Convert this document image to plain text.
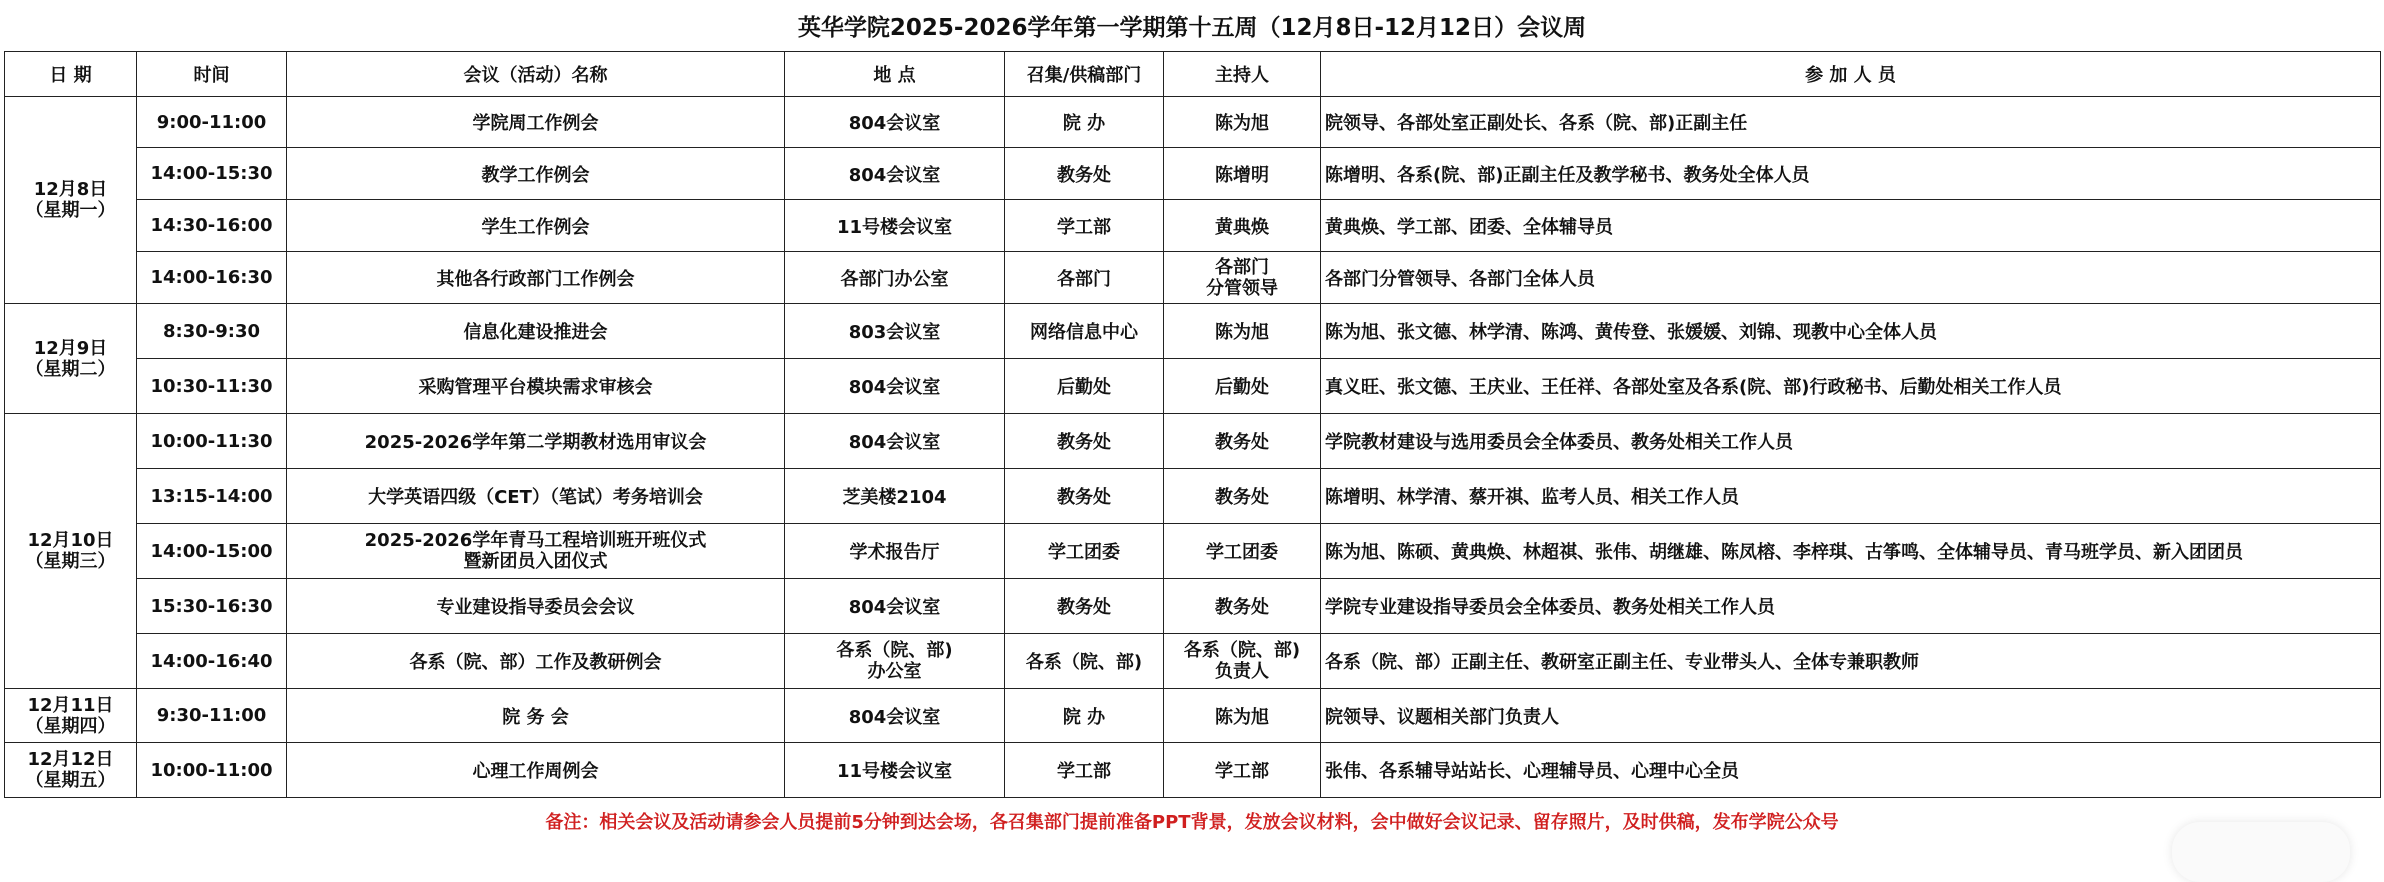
英华学院2025-2026学年第一学期第十五周（12月8日-12月12日）会议周
日 期	时间	会议（活动）名称	地 点	召集/供稿部门	主持人	参 加 人 员

12月8日
（星期一）	9:00-11:00	学院周工作例会	804会议室	院 办	陈为旭	院领导、各部处室正副处长、各系（院、部)正副主任
	14:00-15:30	教学工作例会	804会议室	教务处	陈增明	陈增明、各系(院、部)正副主任及教学秘书、教务处全体人员
	14:30-16:00	学生工作例会	11号楼会议室	学工部	黄典焕	黄典焕、学工部、团委、全体辅导员
	14:00-16:30	其他各行政部门工作例会	各部门办公室	各部门	各部门
分管领导	各部门分管领导、各部门全体人员

12月9日
（星期二）	8:30-9:30	信息化建设推进会	803会议室	网络信息中心	陈为旭	陈为旭、张文德、林学清、陈鸿、黄传登、张媛媛、刘锦、现教中心全体人员
	10:30-11:30	采购管理平台模块需求审核会	804会议室	后勤处	后勤处	真义旺、张文德、王庆业、王任祥、各部处室及各系(院、部)行政秘书、后勤处相关工作人员

12月10日
（星期三）	10:00-11:30	2025-2026学年第二学期教材选用审议会	804会议室	教务处	教务处	学院教材建设与选用委员会全体委员、教务处相关工作人员
	13:15-14:00	大学英语四级（CET）（笔试）考务培训会	芝美楼2104	教务处	教务处	陈增明、林学清、蔡开祺、监考人员、相关工作人员
	14:00-15:00	2025-2026学年青马工程培训班开班仪式
暨新团员入团仪式	学术报告厅	学工团委	学工团委	陈为旭、陈硕、黄典焕、林超祺、张伟、胡继雄、陈凤榕、李梓琪、古筝鸣、全体辅导员、青马班学员、新入团团员
	15:30-16:30	专业建设指导委员会会议	804会议室	教务处	教务处	学院专业建设指导委员会全体委员、教务处相关工作人员
	14:00-16:40	各系（院、部）工作及教研例会	各系（院、部)
办公室	各系（院、部)	各系（院、部)
负责人	各系（院、部）正副主任、教研室正副主任、专业带头人、全体专兼职教师

12月11日
（星期四）	9:30-11:00	院 务 会	804会议室	院 办	陈为旭	院领导、议题相关部门负责人

12月12日
（星期五）	10:00-11:00	心理工作周例会	11号楼会议室	学工部	学工部	张伟、各系辅导站站长、心理辅导员、心理中心全员
备注：相关会议及活动请参会人员提前5分钟到达会场，各召集部门提前准备PPT背景，发放会议材料，会中做好会议记录、留存照片，及时供稿，发布学院公众号
